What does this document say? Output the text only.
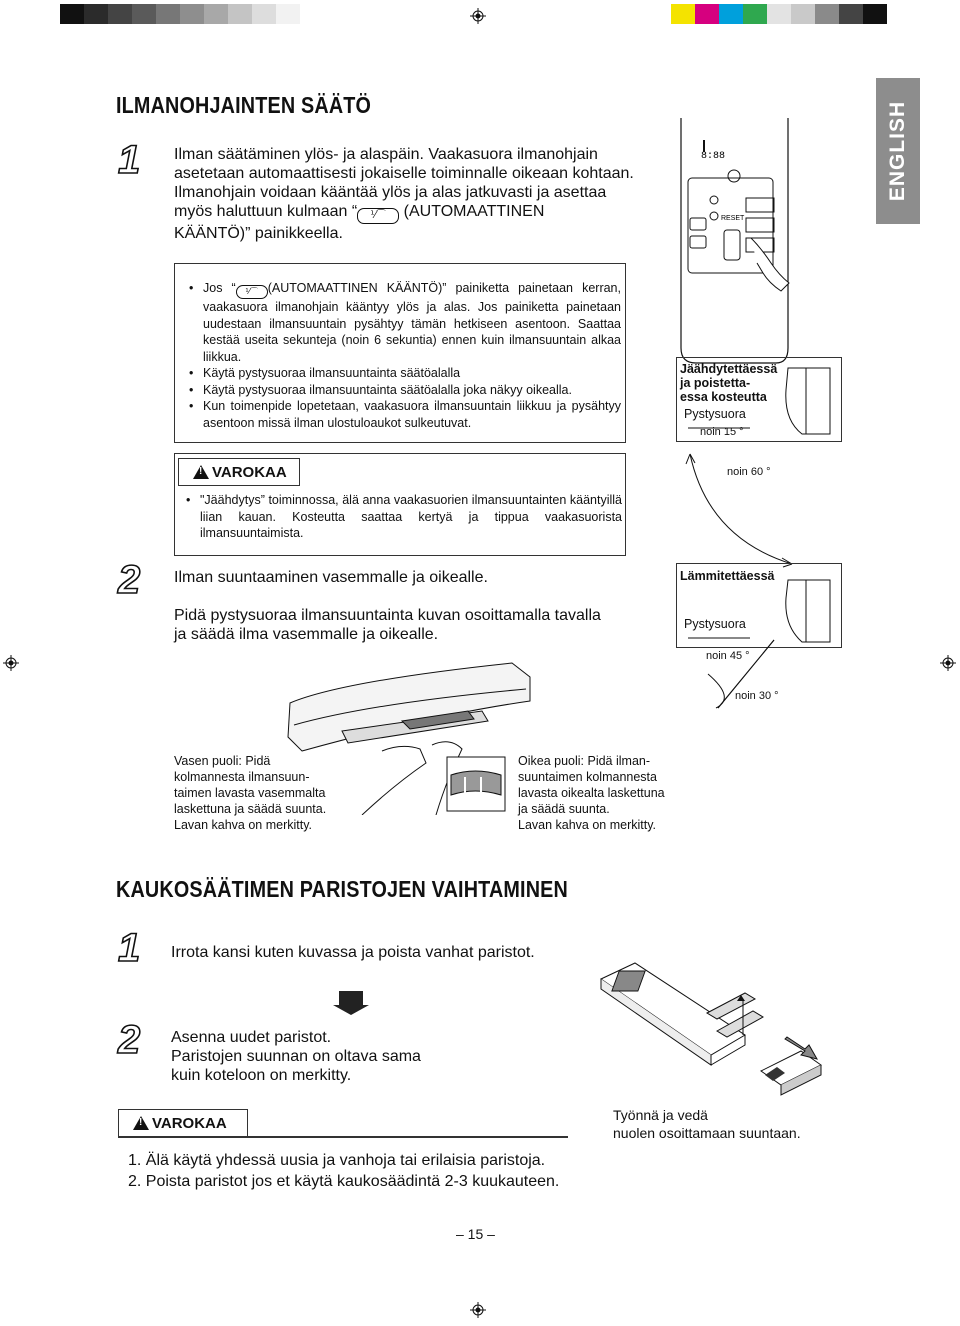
ENGLISH
ILMANOHJAINTEN SÄÄTÖ
1 Ilman säätäminen ylös- ja alaspäin. Vaakasuora ilmanohjain
asetetaan automaattisesti jokaiselle toiminnalle oikeaan kohtaan.
Ilmanohjain voidaan kääntää ylös ja alas jatkuvasti ja asettaa
myös haluttuun kulmaan “ ⅟⌒ (AUTOMAATTINEN
KÄÄNTÖ)” painikkeella.
RESET
8:88
• Jos “ ⅟⌒ (AUTOMAATTINEN KÄÄNTÖ)” painiketta painetaan kerran, vaakasuora ilmanohjain kääntyy ylös ja alas. Jos painiketta painetaan uudestaan ilmansuuntain pysähtyy tämän hetkiseen asentoon. Saattaa kestää useita sekunteja (noin 6 sekuntia) ennen kuin ilmansuuntain alkaa liikkua.
• Käytä pystysuoraa ilmansuuntainta säätöalalla
• Käytä pystysuoraa ilmansuuntainta säätöalalla joka näkyy oikealla.
• Kun toimenpide lopetetaan, vaakasuora ilmansuuntain liikkuu ja pysähtyy asentoon missä ilman ulostuloaukot sulkeutuvat.
Jäähdytettäessä
ja poistetta-
essa kosteutta
Pystysuora
noin 15 °
noin 60 °
!
VAROKAA
• "Jäähdytys” toiminnossa, älä anna vaakasuorien ilmansuuntainten kääntyillä liian kauan. Kosteutta saattaa kertyä ja tippua vaakasuorista ilmansuuntaimista.
2 Ilman suuntaaminen vasemmalle ja oikealle.
Pidä pystysuoraa ilmansuuntainta kuvan osoittamalla tavalla
ja säädä ilma vasemmalle ja oikealle.
Lämmitettäessä
Pystysuora
noin 45 °
noin 30 °
Vasen puoli: Pidä
kolmannesta ilmansuun-
taimen lavasta vasemmalta
laskettuna ja säädä suunta.
Lavan kahva on merkitty.
Oikea puoli: Pidä ilman-
suuntaimen kolmannesta
lavasta oikealta laskettuna
ja säädä suunta.
Lavan kahva on merkitty.
KAUKOSÄÄTIMEN PARISTOJEN VAIHTAMINEN
1 Irrota kansi kuten kuvassa ja poista vanhat paristot.
2 Asenna uudet paristot.
Paristojen suunnan on oltava sama
kuin koteloon on merkitty.
!
VAROKAA
1. Älä käytä yhdessä uusia ja vanhoja tai erilaisia paristoja.
2. Poista paristot jos et käytä kaukosäädintä 2-3 kuukauteen.
Työnnä ja vedä
nuolen osoittamaan suuntaan.
– 15 –
